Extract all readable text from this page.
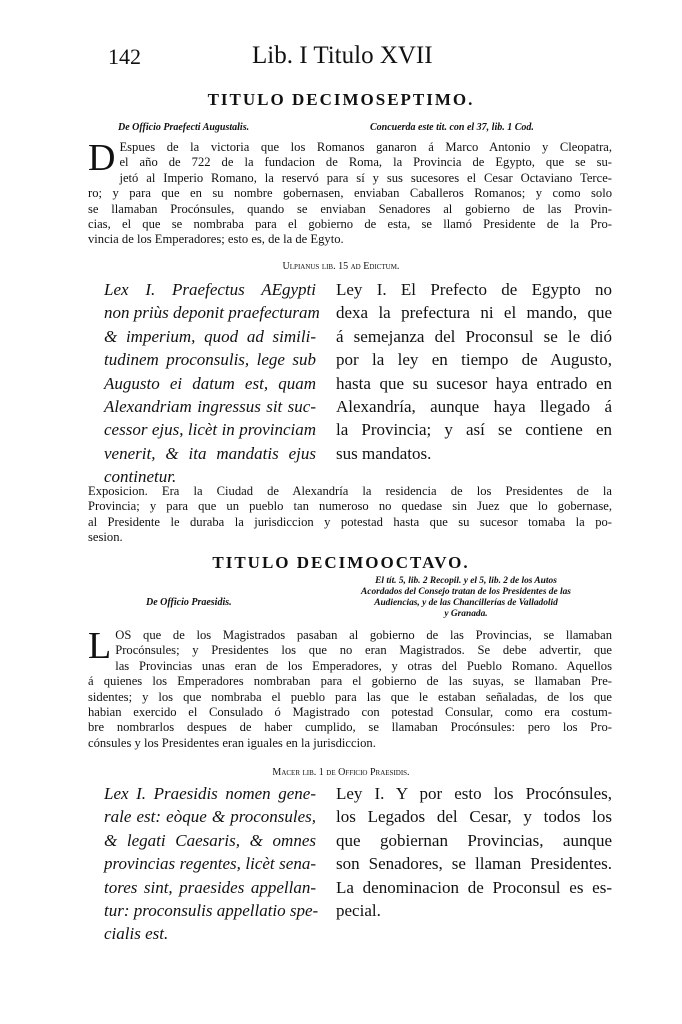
142	Lib. I Titulo XVII
TITULO DECIMOSEPTIMO.
De Officio Praefecti Augustalis.	Concuerda este tit. con el 37, lib. 1 Cod.
D Espues de la victoria que los Romanos ganaron á Marco Antonio y Cleopatra,
el año de 722 de la fundacion de Roma, la Provincia de Egypto, que se su-
jetó al Imperio Romano, la reservó para sí y sus sucesores el Cesar Octaviano Terce-
ro; y para que en su nombre gobernasen, enviaban Caballeros Romanos; y como solo
se llamaban Procónsules, quando se enviaban Senadores al gobierno de las Provin-
cias, el que se nombraba para el gobierno de esta, se llamó Presidente de la Pro-
vincia de los Emperadores; esto es, de la de Egyto.
Ulpianus lib. 15 ad Edictum.
Lex I. Praefectus AEgypti
non priùs deponit praefecturam
& imperium, quod ad simili-
tudinem proconsulis, lege sub
Augusto ei datum est, quam
Alexandriam ingressus sit suc-
cessor ejus, licèt in provinciam
venerit, & ita mandatis ejus
continetur.
Ley I. El Prefecto de Egypto no
dexa la prefectura ni el mando, que
á semejanza del Proconsul se le dió
por la ley en tiempo de Augusto,
hasta que su sucesor haya entrado en
Alexandría, aunque haya llegado á
la Provincia; y así se contiene en
sus mandatos.
Exposicion. Era la Ciudad de Alexandría la residencia de los Presidentes de la
Provincia; y para que un pueblo tan numeroso no quedase sin Juez que lo gobernase,
al Presidente le duraba la jurisdiccion y potestad hasta que su sucesor tomaba la po-
sesion.
TITULO DECIMOOCTAVO.
De Officio Praesidis.
El tít. 5, lib. 2 Recopil. y el 5, lib. 2 de los Autos
Acordados del Consejo tratan de los Presidentes de las
Audiencias, y de las Chancillerías de Valladolid
y Granada.
L OS que de los Magistrados pasaban al gobierno de las Provincias, se llamaban
Procónsules; y Presidentes los que no eran Magistrados. Se debe advertir, que
las Provincias unas eran de los Emperadores, y otras del Pueblo Romano. Aquellos
á quienes los Emperadores nombraban para el gobierno de las suyas, se llamaban Pre-
sidentes; y los que nombraba el pueblo para las que le estaban señaladas, de los que
habian exercido el Consulado ó Magistrado con potestad Consular, como era costum-
bre nombrarlos despues de haber cumplido, se llamaban Procónsules: pero los Pro-
cónsules y los Presidentes eran iguales en la jurisdiccion.
Macer lib. 1 de Officio Praesidis.
Lex I. Praesidis nomen gene-
rale est: eòque & proconsules,
& legati Caesaris, & omnes
provincias regentes, licèt sena-
tores sint, praesides appellan-
tur: proconsulis appellatio spe-
cialis est.
Ley I. Y por esto los Procónsules,
los Legados del Cesar, y todos los
que gobiernan Provincias, aunque
son Senadores, se llaman Presidentes.
La denominacion de Proconsul es es-
pecial.
